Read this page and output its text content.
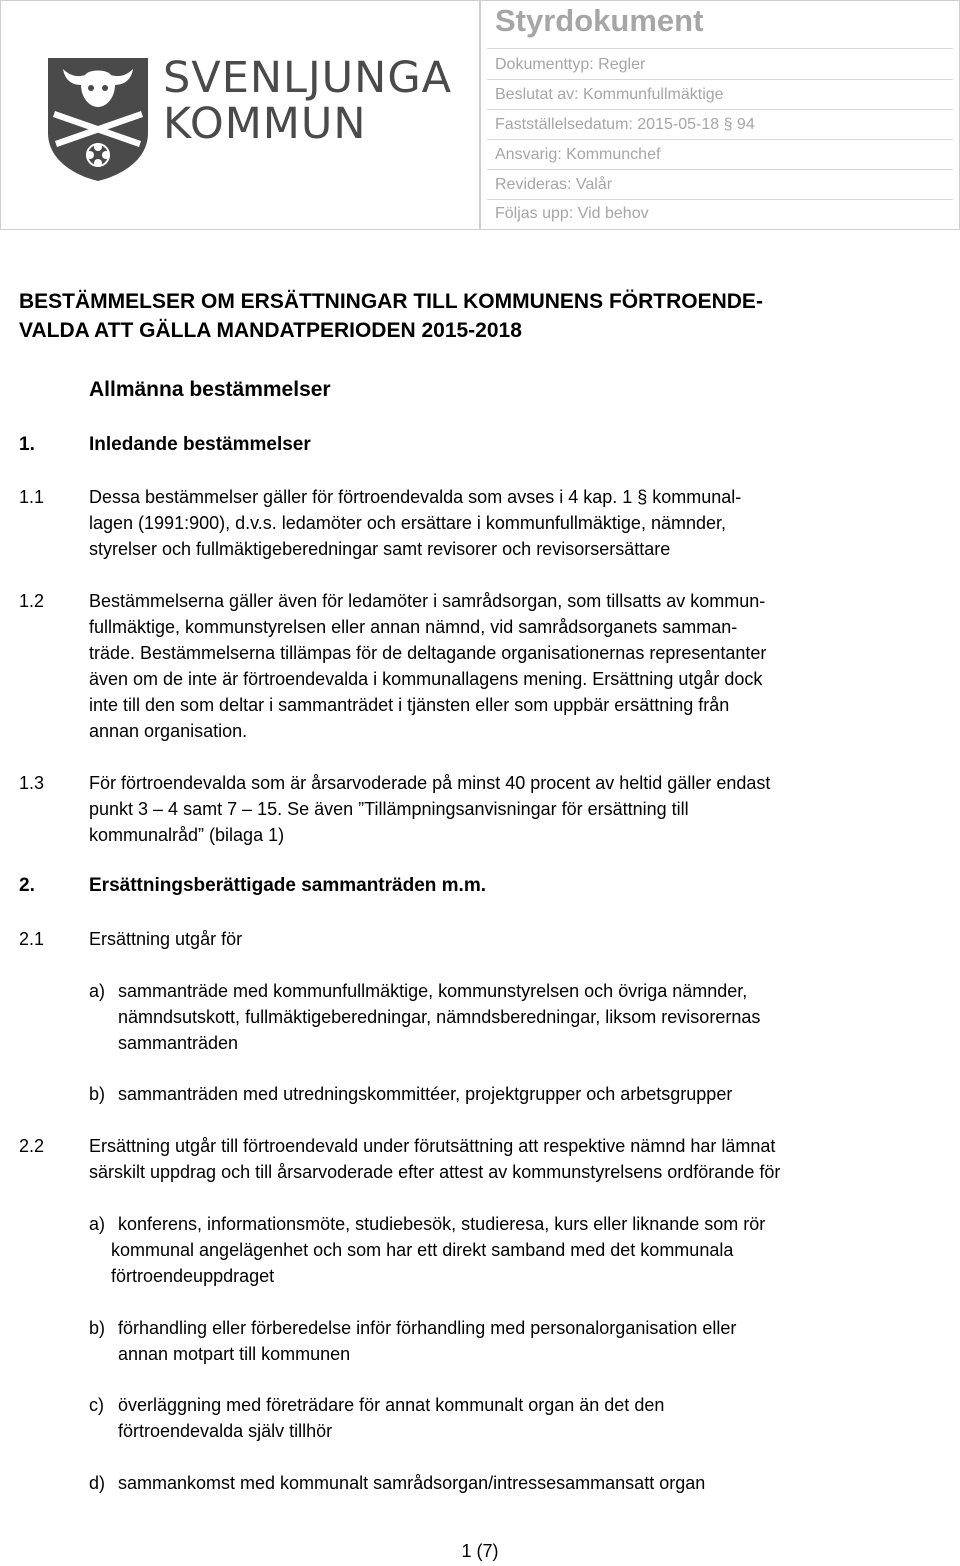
SVENLJUNGA
KOMMUN
Styrdokument
Dokumenttyp: Regler
Beslutat av: Kommunfullmäktige
Fastställelsedatum: 2015-05-18 § 94
Ansvarig: Kommunchef
Revideras: Valår
Följas upp: Vid behov
BESTÄMMELSER OM ERSÄTTNINGAR TILL KOMMUNENS FÖRTROENDE-
VALDA ATT GÄLLA MANDATPERIODEN 2015-2018
Allmänna bestämmelser
1.	Inledande bestämmelser
1.1 Dessa bestämmelser gäller för förtroendevalda som avses i 4 kap. 1 § kommunal-
lagen (1991:900), d.v.s. ledamöter och ersättare i kommunfullmäktige, nämnder,
styrelser och fullmäktigeberedningar samt revisorer och revisorsersättare
1.2 Bestämmelserna gäller även för ledamöter i samrådsorgan, som tillsatts av kommun-
fullmäktige, kommunstyrelsen eller annan nämnd, vid samrådsorganets samman-
träde. Bestämmelserna tillämpas för de deltagande organisationernas representanter
även om de inte är förtroendevalda i kommunallagens mening. Ersättning utgår dock
inte till den som deltar i sammanträdet i tjänsten eller som uppbär ersättning från
annan organisation.
1.3 För förtroendevalda som är årsarvoderade på minst 40 procent av heltid gäller endast
punkt 3 – 4 samt 7 – 15. Se även ”Tillämpningsanvisningar för ersättning till
kommunalråd” (bilaga 1)
2.	Ersättningsberättigade sammanträden m.m.
2.1 Ersättning utgår för
a) sammanträde med kommunfullmäktige, kommunstyrelsen och övriga nämnder,
nämndsutskott, fullmäktigeberedningar, nämndsberedningar, liksom revisorernas
sammanträden
b) sammanträden med utredningskommittéer, projektgrupper och arbetsgrupper
2.2 Ersättning utgår till förtroendevald under förutsättning att respektive nämnd har lämnat
särskilt uppdrag och till årsarvoderade efter attest av kommunstyrelsens ordförande för
a) konferens, informationsmöte, studiebesök, studieresa, kurs eller liknande som rör
kommunal angelägenhet och som har ett direkt samband med det kommunala
förtroendeuppdraget
b) förhandling eller förberedelse inför förhandling med personalorganisation eller
annan motpart till kommunen
c) överläggning med företrädare för annat kommunalt organ än det den
förtroendevalda själv tillhör
d) sammankomst med kommunalt samrådsorgan/intressesammansatt organ
1 (7)
